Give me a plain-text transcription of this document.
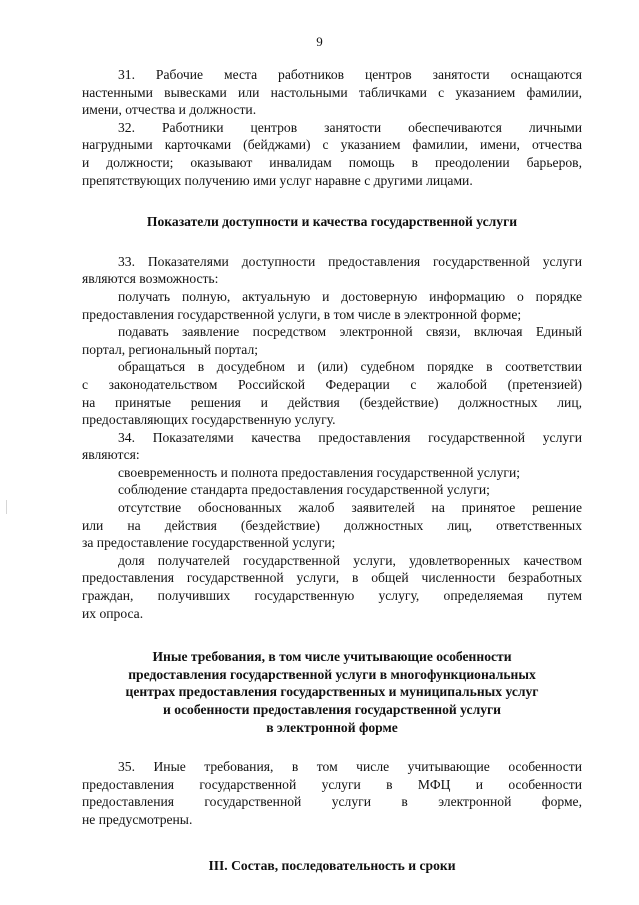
9
31. Рабочие места работников центров занятости оснащаются
настенными вывесками или настольными табличками с указанием фамилии,
имени, отчества и должности.
32. Работники центров занятости обеспечиваются личными
нагрудными карточками (бейджами) с указанием фамилии, имени, отчества
и должности; оказывают инвалидам помощь в преодолении барьеров,
препятствующих получению ими услуг наравне с другими лицами.
Показатели доступности и качества государственной услуги
33. Показателями доступности предоставления государственной услуги
являются возможность:
получать полную, актуальную и достоверную информацию о порядке
предоставления государственной услуги, в том числе в электронной форме;
подавать заявление посредством электронной связи, включая Единый
портал, региональный портал;
обращаться в досудебном и (или) судебном порядке в соответствии
с законодательством Российской Федерации с жалобой (претензией)
на принятые решения и действия (бездействие) должностных лиц,
предоставляющих государственную услугу.
34. Показателями качества предоставления государственной услуги
являются:
своевременность и полнота предоставления государственной услуги;
соблюдение стандарта предоставления государственной услуги;
отсутствие обоснованных жалоб заявителей на принятое решение
или на действия (бездействие) должностных лиц, ответственных
за предоставление государственной услуги;
доля получателей государственной услуги, удовлетворенных качеством
предоставления государственной услуги, в общей численности безработных
граждан, получивших государственную услугу, определяемая путем
их опроса.
Иные требования, в том числе учитывающие особенности
предоставления государственной услуги в многофункциональных
центрах предоставления государственных и муниципальных услуг
и особенности предоставления государственной услуги
в электронной форме
35. Иные требования, в том числе учитывающие особенности
предоставления государственной услуги в МФЦ и особенности
предоставления государственной услуги в электронной форме,
не предусмотрены.
III. Состав, последовательность и сроки
